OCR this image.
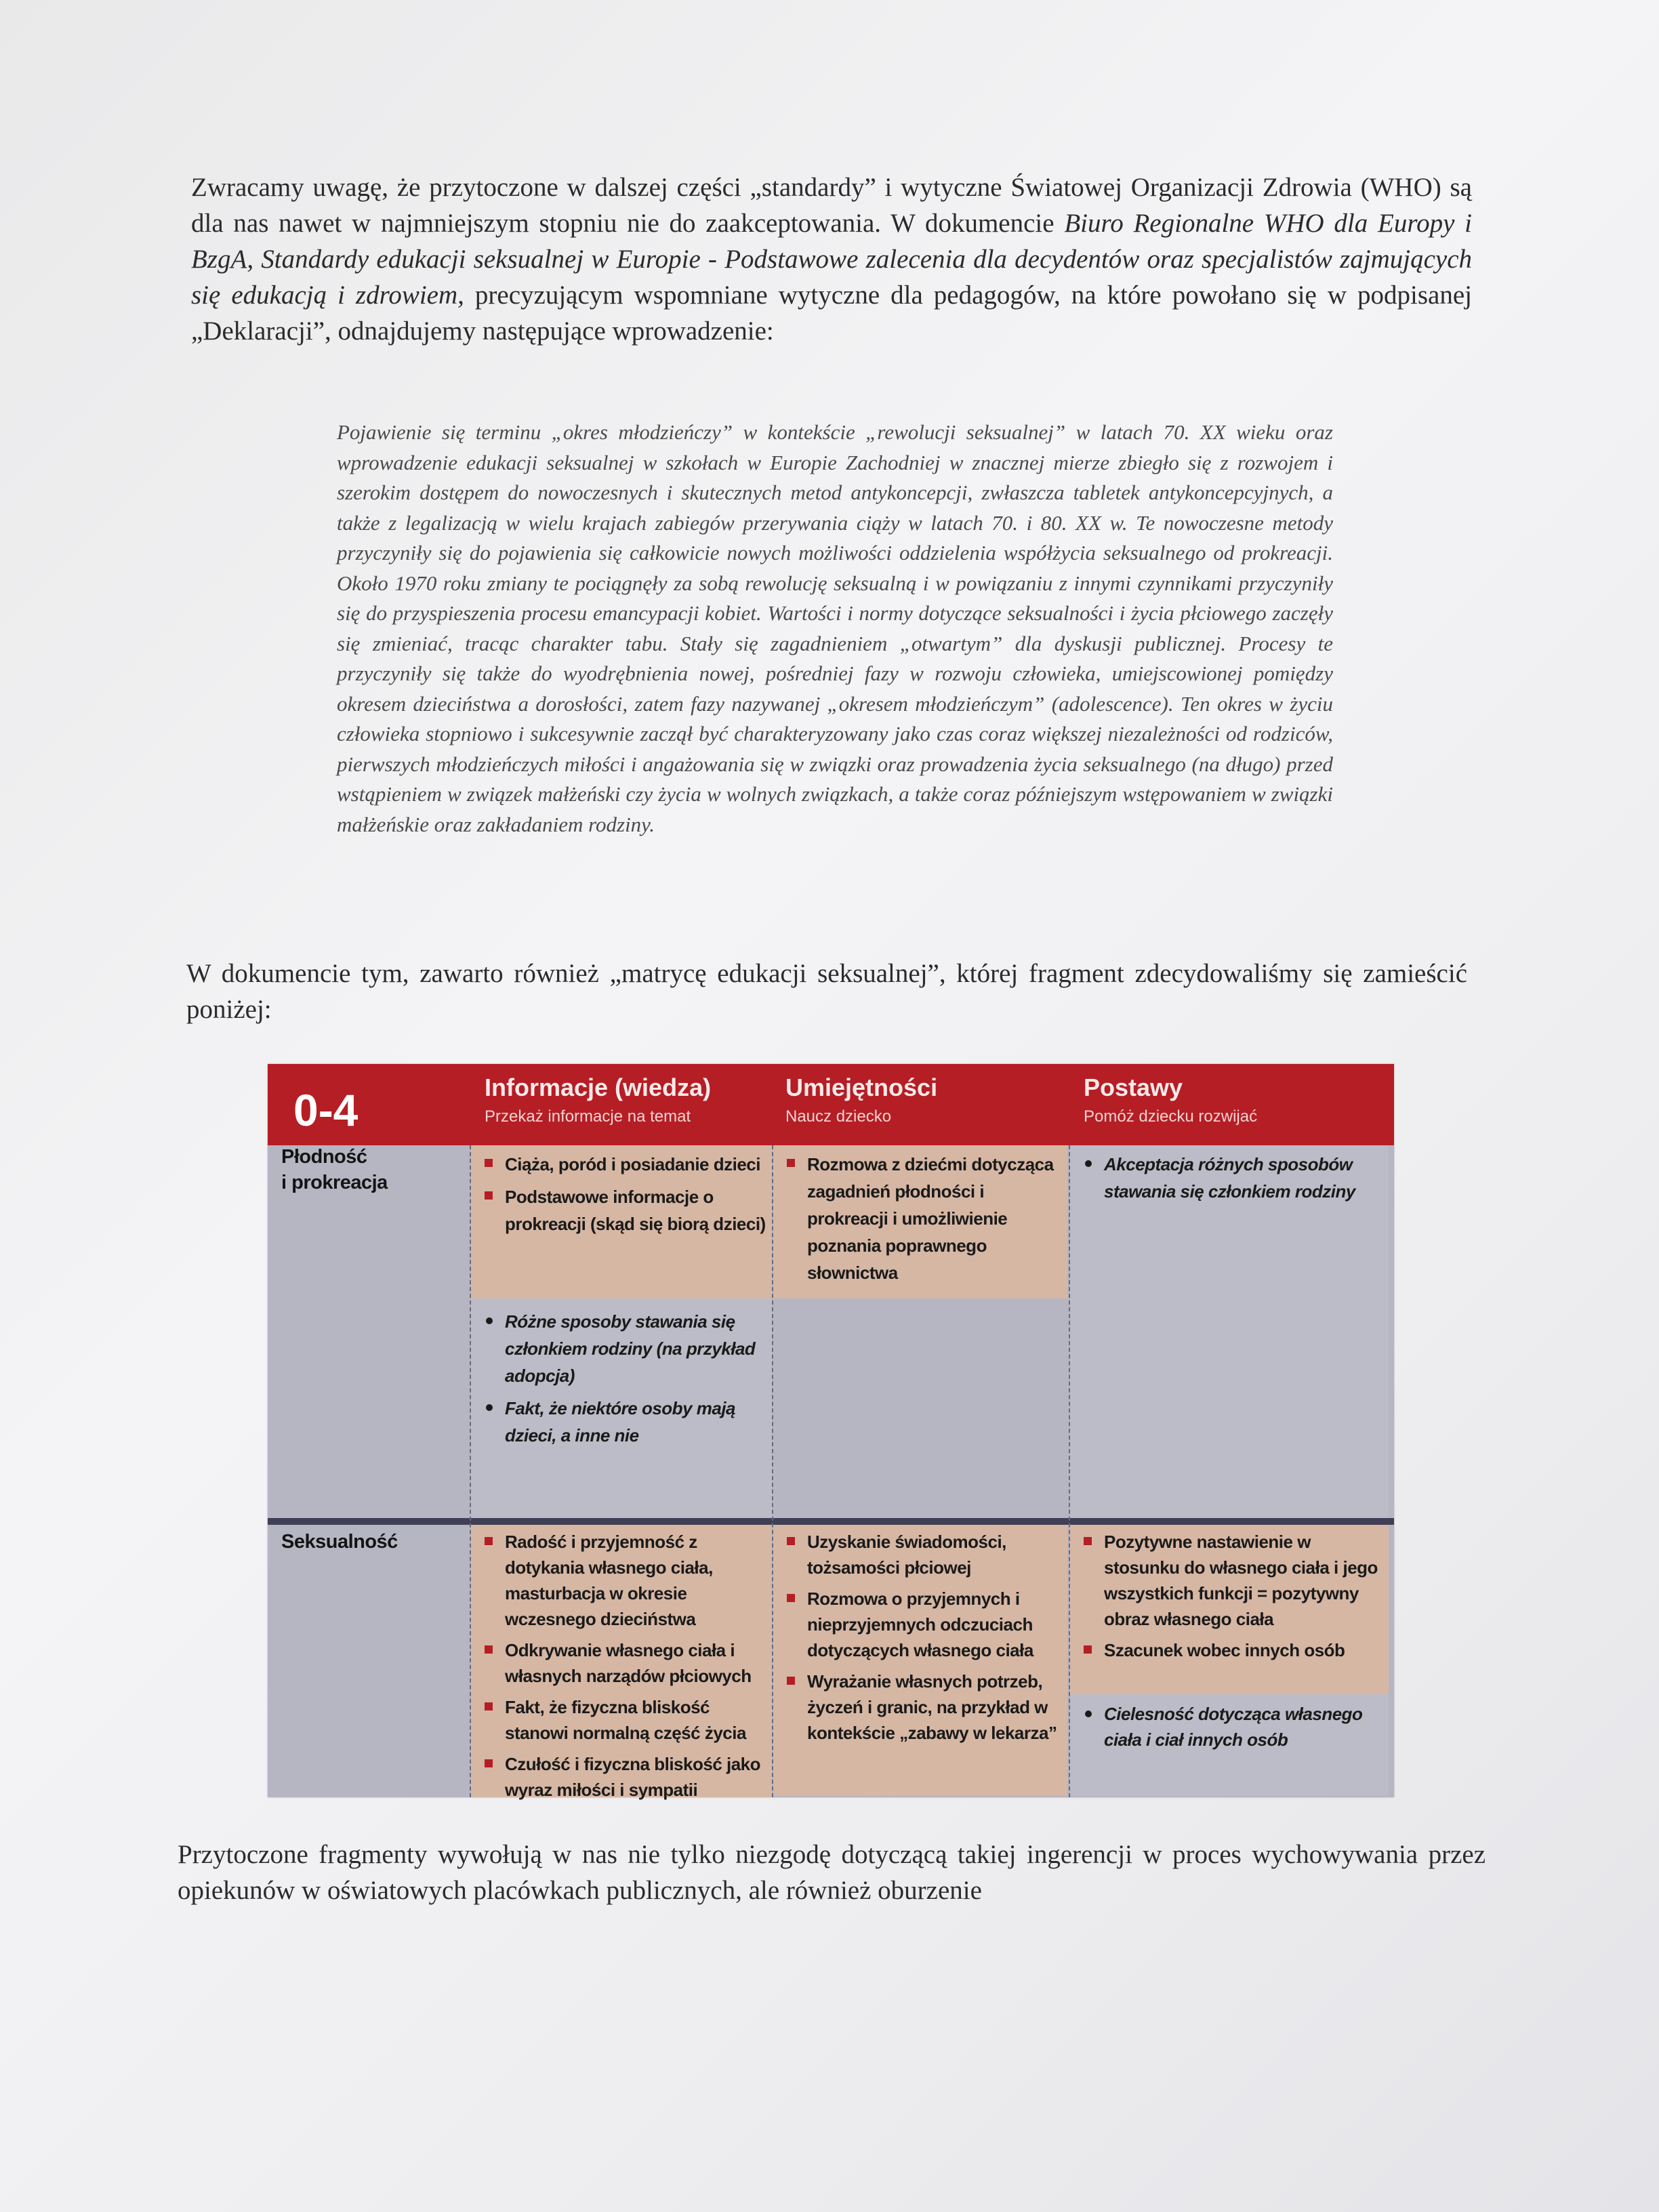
Zwracamy uwagę, że przytoczone w dalszej części „standardy” i wytyczne Światowej Organizacji Zdrowia (WHO) są dla nas nawet w najmniejszym stopniu nie do zaakceptowania. W dokumencie Biuro Regionalne WHO dla Europy i BzgA, Standardy edukacji seksualnej w Europie - Podstawowe zalecenia dla decydentów oraz specjalistów zajmujących się edukacją i zdrowiem, precyzującym wspomniane wytyczne dla pedagogów, na które powołano się w podpisanej „Deklaracji”, odnajdujemy następujące wprowadzenie:
Pojawienie się terminu „okres młodzieńczy” w kontekście „rewolucji seksualnej” w latach 70. XX wieku oraz wprowadzenie edukacji seksualnej w szkołach w Europie Zachodniej w znacznej mierze zbiegło się z rozwojem i szerokim dostępem do nowoczesnych i skutecznych metod antykoncepcji, zwłaszcza tabletek antykoncepcyjnych, a także z legalizacją w wielu krajach zabiegów przerywania ciąży w latach 70. i 80. XX w. Te nowoczesne metody przyczyniły się do pojawienia się całkowicie nowych możliwości oddzielenia współżycia seksualnego od prokreacji. Około 1970 roku zmiany te pociągnęły za sobą rewolucję seksualną i w powiązaniu z innymi czynnikami przyczyniły się do przyspieszenia procesu emancypacji kobiet. Wartości i normy dotyczące seksualności i życia płciowego zaczęły się zmieniać, tracąc charakter tabu. Stały się zagadnieniem „otwartym” dla dyskusji publicznej. Procesy te przyczyniły się także do wyodrębnienia nowej, pośredniej fazy w rozwoju człowieka, umiejscowionej pomiędzy okresem dzieciństwa a dorosłości, zatem fazy nazywanej „okresem młodzieńczym” (adolescence). Ten okres w życiu człowieka stopniowo i sukcesywnie zaczął być charakteryzowany jako czas coraz większej niezależności od rodziców, pierwszych młodzieńczych miłości i angażowania się w związki oraz prowadzenia życia seksualnego (na długo) przed wstąpieniem w związek małżeński czy życia w wolnych związkach, a także coraz późniejszym wstępowaniem w związki małżeńskie oraz zakładaniem rodziny.
W dokumencie tym, zawarto również „matrycę edukacji seksualnej”, której fragment zdecydowaliśmy się zamieścić poniżej:
0-4	Informacje (wiedza)
Przekaż informacje na temat
Umiejętności
Naucz dziecko
Postawy
Pomóż dziecku rozwijać
Płodność
i prokreacja
Ciąża, poród i posiadanie dzieci
Podstawowe informacje o prokreacji (skąd się biorą dzieci)
Różne sposoby stawania się członkiem rodziny (na przykład adopcja)
Fakt, że niektóre osoby mają dzieci, a inne nie
Rozmowa z dziećmi dotycząca zagadnień płodności i prokreacji i umożliwienie poznania poprawnego słownictwa
Akceptacja różnych sposobów stawania się członkiem rodziny
Seksualność	Radość i przyjemność z dotykania własnego ciała, masturbacja w okresie wczesnego dzieciństwa
Odkrywanie własnego ciała i własnych narządów płciowych
Fakt, że fizyczna bliskość stanowi normalną część życia
Czułość i fizyczna bliskość jako wyraz miłości i sympatii
Uzyskanie świadomości, tożsamości płciowej
Rozmowa o przyjemnych i nieprzyjemnych odczuciach dotyczących własnego ciała
Wyrażanie własnych potrzeb, życzeń i granic, na przykład w kontekście „zabawy w lekarza”
Pozytywne nastawienie w stosunku do własnego ciała i jego wszystkich funkcji = pozytywny obraz własnego ciała
Szacunek wobec innych osób
Cielesność dotycząca własnego ciała i ciał innych osób
Przytoczone fragmenty wywołują w nas nie tylko niezgodę dotyczącą takiej ingerencji w proces wychowywania przez opiekunów w oświatowych placówkach publicznych, ale również oburzenie
